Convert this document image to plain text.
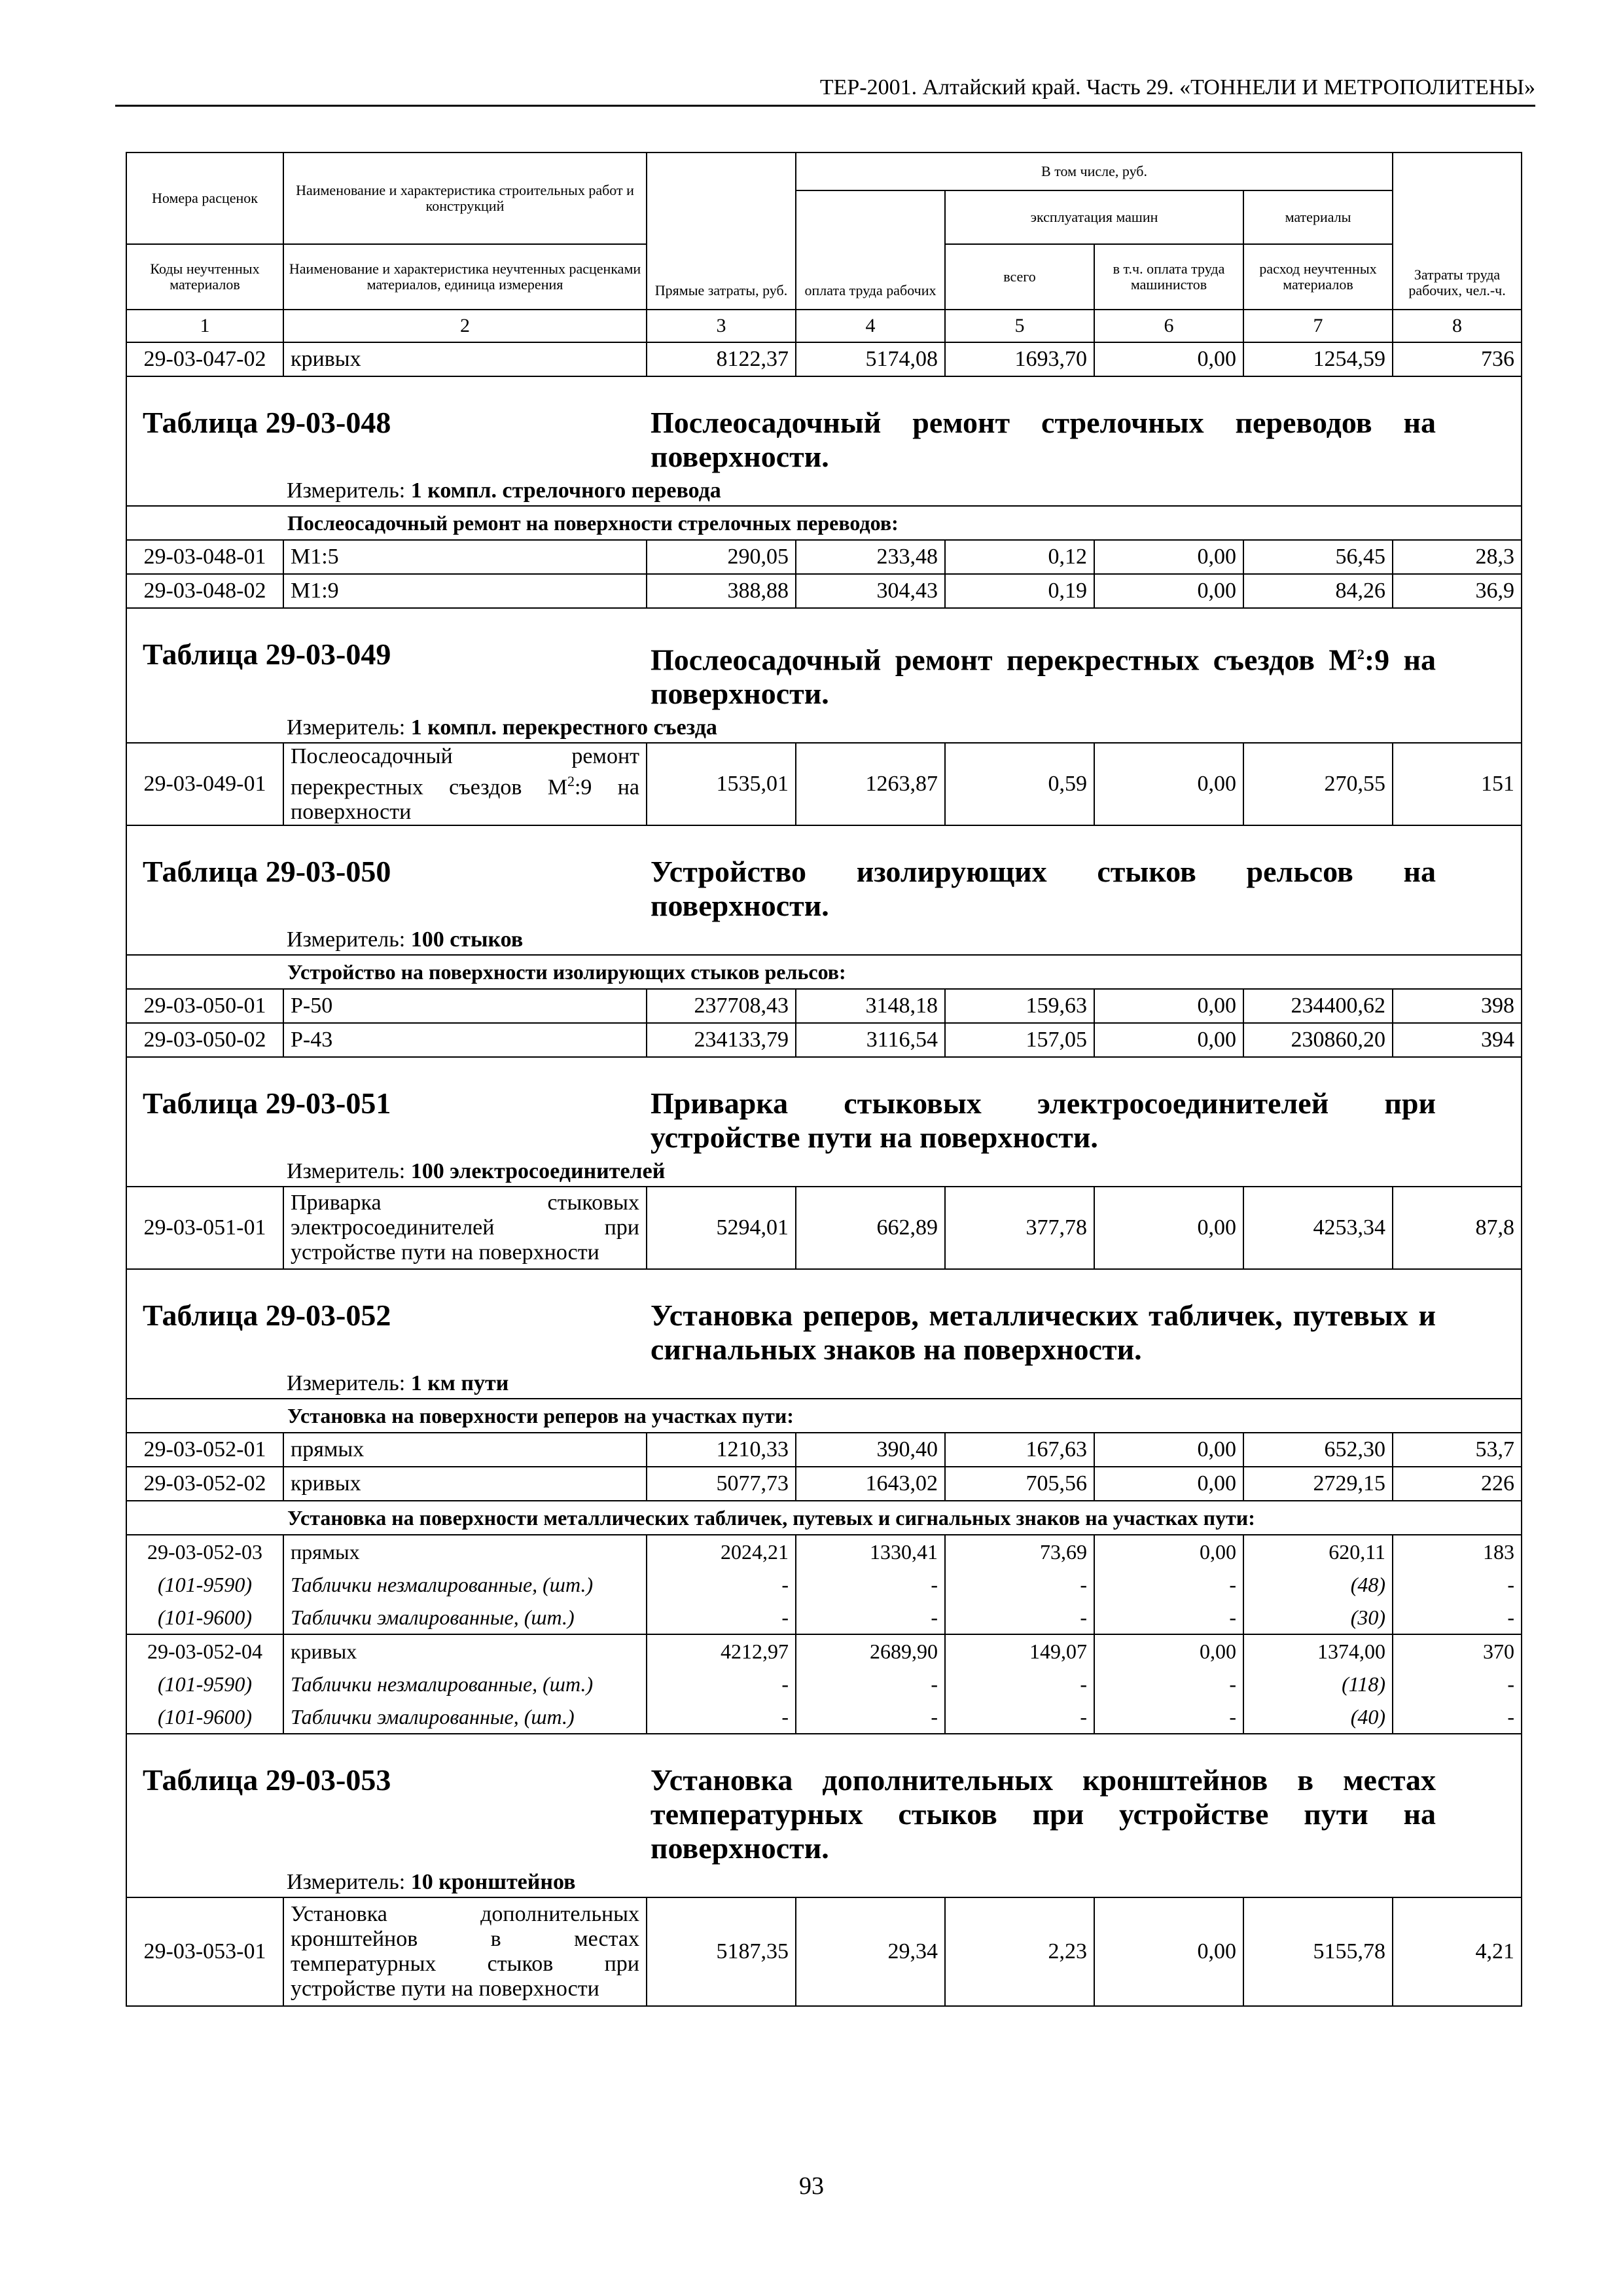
ТЕР-2001. Алтайский край. Часть 29. «ТОННЕЛИ И МЕТРОПОЛИТЕНЫ»
Номера расценок	Наименование и характеристика строительных работ и конструкций	Прямые затраты, руб.	В том числе, руб.				Затраты труда рабочих, чел.-ч.
			оплата труда рабочих	эксплуатация машин		материалы	
Коды неучтенных материалов	Наименование и характеристика неучтенных расценками материалов, единица измерения			всего	в т.ч. оплата труда машинистов	расход неучтенных материалов	
1	2	3	4	5	6	7	8
29-03-047-02	кривых	8122,37	5174,08	1693,70	0,00	1254,59	736

Таблица 29-03-048 Послеосадочный ремонт стрелочных переводов на поверхности.
Измеритель: 1 компл. стрелочного перевода							

Послеосадочный ремонт на поверхности стрелочных переводов:							
29-03-048-01	М1:5	290,05	233,48	0,12	0,00	56,45	28,3
29-03-048-02	М1:9	388,88	304,43	0,19	0,00	84,26	36,9

Таблица 29-03-049 Послеосадочный ремонт перекрестных съездов $М^2:9$ на поверхности.
Измеритель: 1 компл. перекрестного съезда							

29-03-049-01	Послеосадочный ремонт перекрестных съездов $М^2:9$ на поверхности	1535,01	1263,87	0,59	0,00	270,55	151

Таблица 29-03-050 Устройство изолирующих стыков рельсов на поверхности.
Измеритель: 100 стыков							

Устройство на поверхности изолирующих стыков рельсов:							
29-03-050-01	Р-50	237708,43	3148,18	159,63	0,00	234400,62	398
29-03-050-02	Р-43	234133,79	3116,54	157,05	0,00	230860,20	394

Таблица 29-03-051 Приварка стыковых электросоединителей при устройстве пути на поверхности.
Измеритель: 100 электросоединителей							

29-03-051-01	Приварка стыковых электросоединителей при устройстве пути на поверхности	5294,01	662,89	377,78	0,00	4253,34	87,8

Таблица 29-03-052 Установка реперов, металлических табличек, путевых и сигнальных знаков на поверхности.
Измеритель: 1 км пути							

Установка на поверхности реперов на участках пути:							
29-03-052-01	прямых	1210,33	390,40	167,63	0,00	652,30	53,7
29-03-052-02	кривых	5077,73	1643,02	705,56	0,00	2729,15	226
Установка на поверхности металлических табличек, путевых и сигнальных знаков на участках пути:							
29-03-052-03	прямых	2024,21	1330,41	73,69	0,00	620,11	183
(101-9590)	Таблички незмалированные, (шт.)	-	-	-	-	(48)	-
(101-9600)	Таблички эмалированные, (шт.)	-	-	-	-	(30)	-
29-03-052-04	кривых	4212,97	2689,90	149,07	0,00	1374,00	370
(101-9590)	Таблички незмалированные, (шт.)	-	-	-	-	(118)	-
(101-9600)	Таблички эмалированные, (шт.)	-	-	-	-	(40)	-

Таблица 29-03-053 Установка дополнительных кронштейнов в местах температурных стыков при устройстве пути на поверхности.
Измеритель: 10 кронштейнов							

29-03-053-01	Установка дополнительных кронштейнов в местах температурных стыков при устройстве пути на поверхности	5187,35	29,34	2,23	0,00	5155,78	4,21
93
